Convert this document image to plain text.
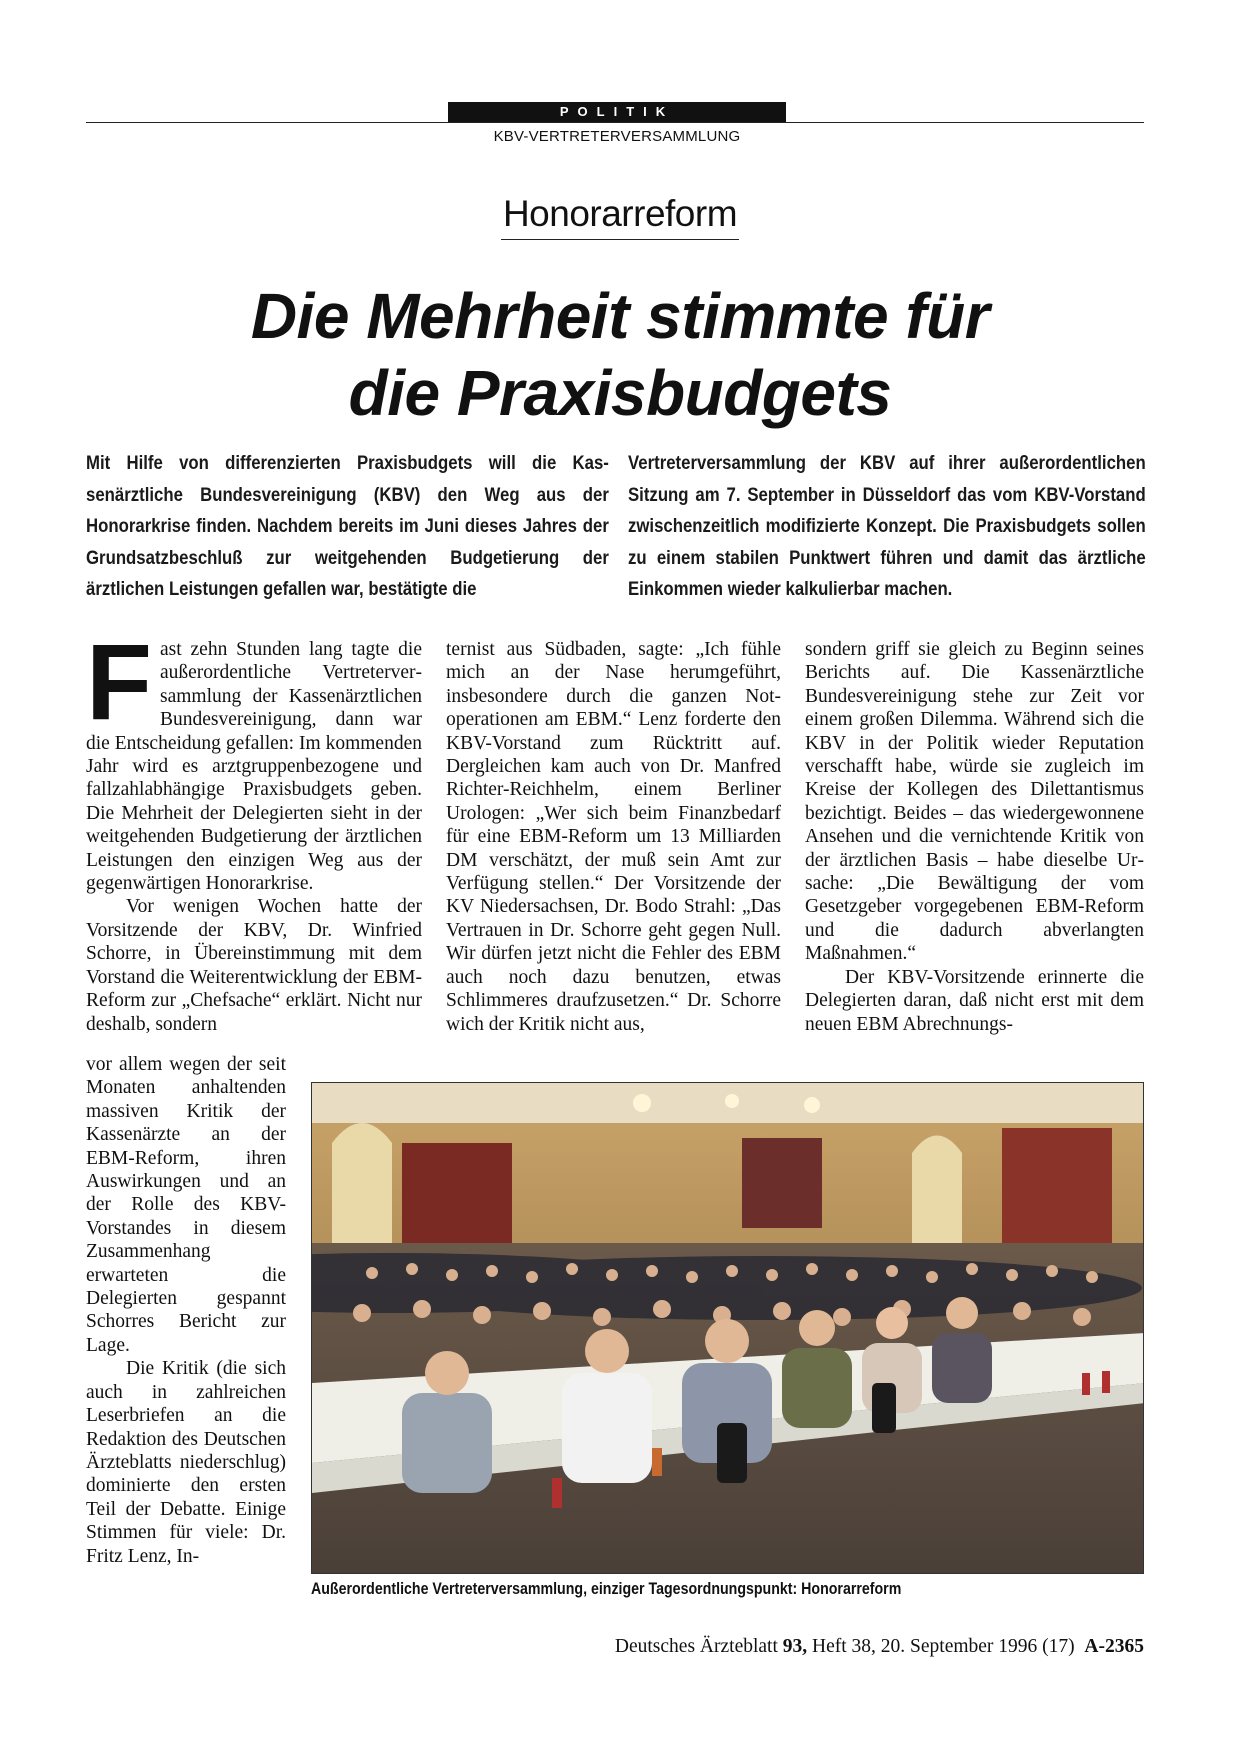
POLITIK
KBV-VERTRETERVERSAMMLUNG
Honorarreform
Die Mehrheit stimmte für
die Praxisbudgets
Mit Hilfe von differenzierten Praxisbudgets will die Kassenärztliche Bundesvereinigung (KBV) den Weg aus der Honorarkrise finden. Nachdem bereits im Juni dieses Jahres der Grundsatzbeschluß zur weitgehenden Budgetierung der ärztlichen Leistungen gefallen war, bestätigte die
Vertreterversammlung der KBV auf ihrer außerordentlichen Sitzung am 7. September in Düsseldorf das vom KBV-Vorstand zwischenzeitlich modifizierte Konzept. Die Praxisbudgets sollen zu einem stabilen Punktwert führen und damit das ärztliche Einkommen wieder kalkulierbar machen.

Fast zehn Stunden lang tagte die außerordentliche Vertreterversammlung der Kassenärztlichen Bundesvereinigung, dann war die Entscheidung gefallen: Im kommenden Jahr wird es arztgruppenbezogene und fallzahlabhängige Praxisbudgets geben. Die Mehrheit der Delegierten sieht in der weitgehenden Budgetierung der ärztlichen Leistungen den einzigen Weg aus der gegenwärtigen Honorarkrise.

Vor wenigen Wochen hatte der Vorsitzende der KBV, Dr. Winfried Schorre, in Übereinstimmung mit dem Vorstand die Weiterentwicklung der EBM-Reform zur „Chefsache“ erklärt. Nicht nur deshalb, sondern

vor allem wegen der seit Monaten anhaltenden massiven Kritik der Kassenärzte an der EBM-Reform, ihren Auswirkungen und an der Rolle des KBV-Vorstandes in diesem Zusammenhang erwarteten die Delegierten gespannt Schorres Bericht zur Lage.

Die Kritik (die sich auch in zahlreichen Leserbriefen an die Redaktion des Deutschen Ärzteblatts niederschlug) dominierte den ersten Teil der Debatte. Einige Stimmen für viele: Dr. Fritz Lenz, In-

ternist aus Südbaden, sagte: „Ich fühle mich an der Nase herumgeführt, insbesondere durch die ganzen Notoperationen am EBM.“ Lenz forderte den KBV-Vorstand zum Rücktritt auf. Dergleichen kam auch von Dr. Manfred Richter-Reichhelm, einem Berliner Urologen: „Wer sich beim Finanzbedarf für eine EBM-Reform um 13 Milliarden DM verschätzt, der muß sein Amt zur Verfügung stellen.“ Der Vorsitzende der KV Niedersachsen, Dr. Bodo Strahl: „Das Vertrauen in Dr. Schorre geht gegen Null. Wir dürfen jetzt nicht die Fehler des EBM auch noch dazu benutzen, etwas Schlimmeres draufzusetzen.“ Dr. Schorre wich der Kritik nicht aus,

sondern griff sie gleich zu Beginn seines Berichts auf. Die Kassenärztliche Bundesvereinigung stehe zur Zeit vor einem großen Dilemma. Während sich die KBV in der Politik wieder Reputation verschafft habe, würde sie zugleich im Kreise der Kollegen des Dilettantismus bezichtigt. Beides – das wiedergewonnene Ansehen und die vernichtende Kritik von der ärztlichen Basis – habe dieselbe Ursache: „Die Bewältigung der vom Gesetzgeber vorgegebenen EBM-Reform und die dadurch abverlangten Maßnahmen.“

Der KBV-Vorsitzende erinnerte die Delegierten daran, daß nicht erst mit dem neuen EBM Abrechnungs-

Außerordentliche Vertreterversammlung, einziger Tagesordnungspunkt: Honorarreform
Deutsches Ärzteblatt 93, Heft 38, 20. September 1996 (17) A-2365
